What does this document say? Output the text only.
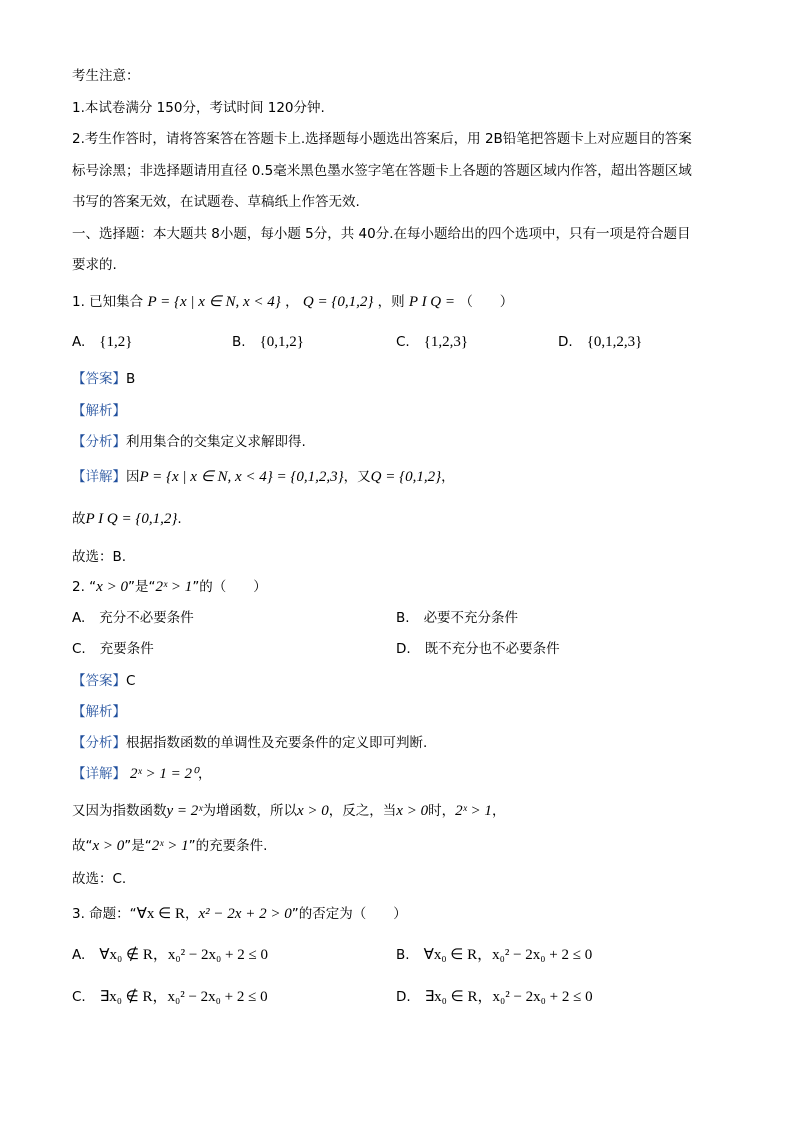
考生注意：
1.本试卷满分 150分，考试时间 120分钟.
2.考生作答时，请将答案答在答题卡上.选择题每小题选出答案后，用 2B铅笔把答题卡上对应题目的答案
标号涂黑；非选择题请用直径 0.5毫米黑色墨水签字笔在答题卡上各题的答题区域内作答，超出答题区域
书写的答案无效，在试题卷、草稿纸上作答无效.
一、选择题：本大题共 8小题，每小题 5分，共 40分.在每小题给出的四个选项中，只有一项是符合题目
要求的.
1. 已知集合 P = {x | x ∈ N, x < 4} ， Q = {0,1,2} ，则 P I Q = （　　）
A. {1,2}	B. {0,1,2}	C. {1,2,3}	D. {0,1,2,3}
【答案】B
【解析】
【分析】利用集合的交集定义求解即得.
【详解】因P = {x | x ∈ N, x < 4} = {0,1,2,3}，又Q = {0,1,2}，
故P I Q = {0,1,2}.
故选：B.
2. “x > 0”是“2ˣ > 1”的（　　）
A. 充分不必要条件	B. 必要不充分条件
C. 充要条件	D. 既不充分也不必要条件
【答案】C
【解析】
【分析】根据指数函数的单调性及充要条件的定义即可判断.
【详解】 2ˣ > 1 = 2⁰，
又因为指数函数y = 2ˣ为增函数，所以x > 0，反之，当x > 0时，2ˣ > 1，
故“x > 0”是“2ˣ > 1”的充要条件.
故选：C.
3. 命题：“∀x ∈ R，x² − 2x + 2 > 0”的否定为（　　）
A. ∀x₀ ∉ R，x₀² − 2x₀ + 2 ≤ 0	B. ∀x₀ ∈ R，x₀² − 2x₀ + 2 ≤ 0
C. ∃x₀ ∉ R，x₀² − 2x₀ + 2 ≤ 0	D. ∃x₀ ∈ R，x₀² − 2x₀ + 2 ≤ 0
